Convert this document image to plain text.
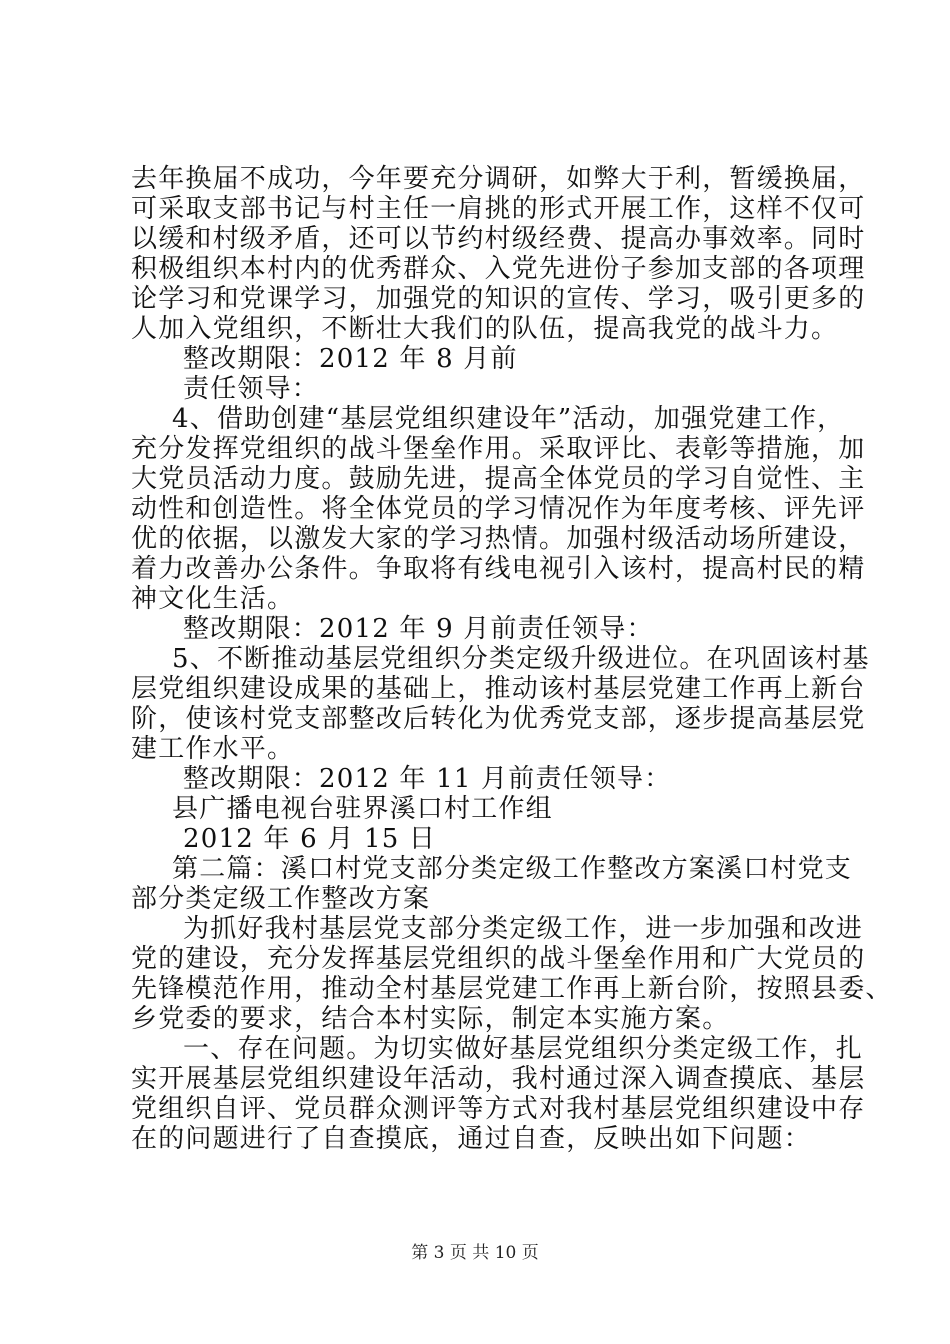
去年换届不成功，今年要充分调研，如弊大于利，暂缓换届，
可采取支部书记与村主任一肩挑的形式开展工作，这样不仅可
以缓和村级矛盾，还可以节约村级经费、提高办事效率。同时
积极组织本村内的优秀群众、入党先进份子参加支部的各项理
论学习和党课学习，加强党的知识的宣传、学习，吸引更多的
人加入党组织，不断壮大我们的队伍，提高我党的战斗力。
整改期限：2012 年 8 月前
责任领导：
4、借助创建“基层党组织建设年”活动，加强党建工作，
充分发挥党组织的战斗堡垒作用。采取评比、表彰等措施，加
大党员活动力度。鼓励先进，提高全体党员的学习自觉性、主
动性和创造性。将全体党员的学习情况作为年度考核、评先评
优的依据，以激发大家的学习热情。加强村级活动场所建设，
着力改善办公条件。争取将有线电视引入该村，提高村民的精
神文化生活。
整改期限：2012 年 9 月前责任领导：
5、不断推动基层党组织分类定级升级进位。在巩固该村基
层党组织建设成果的基础上，推动该村基层党建工作再上新台
阶，使该村党支部整改后转化为优秀党支部，逐步提高基层党
建工作水平。
整改期限：2012 年 11 月前责任领导：
县广播电视台驻界溪口村工作组
2012 年 6 月 15 日
第二篇：溪口村党支部分类定级工作整改方案溪口村党支
部分类定级工作整改方案
为抓好我村基层党支部分类定级工作，进一步加强和改进
党的建设，充分发挥基层党组织的战斗堡垒作用和广大党员的
先锋模范作用，推动全村基层党建工作再上新台阶，按照县委、
乡党委的要求，结合本村实际，制定本实施方案。
一、存在问题。为切实做好基层党组织分类定级工作，扎
实开展基层党组织建设年活动，我村通过深入调查摸底、基层
党组织自评、党员群众测评等方式对我村基层党组织建设中存
在的问题进行了自查摸底，通过自查，反映出如下问题：
第 3 页 共 10 页
